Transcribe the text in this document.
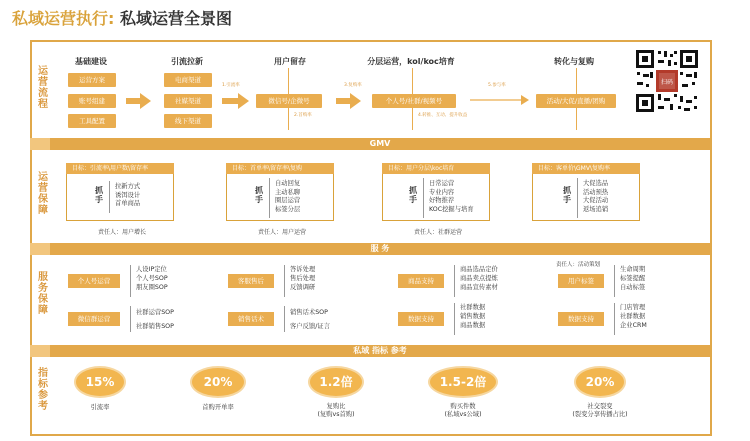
私域运营执行: 私域运营全景图
运
营
流
程
运
营
保
障
服
务
保
障
指
标
参
考
基础建设	引流拉新	用户留存	分层运营，kol/koc培育	转化与复购
运营方案
账号组建
工具配置
电商渠道
社媒渠道
线下渠道
1.引流率
微信号/企微号
2.首购率
3.复购率
个人号/社群/视频号
4.转推、互动、提升收益
5.参与率
活动/大促/直播/团购
扫码
GMV
目标：引流率\用户数\留存率
抓
手
拉新方式
诱饵设计
首单商品
责任人：用户增长
目标：首单率\留存率\复购
抓
手
自动回复
主动私聊
圈层运营
标签分层
责任人：用户运营
目标：用户分层\koc培育
抓
手
日常运营
专业内容
好物推荐
KOC挖掘与培育
责任人：社群运营
目标：客单价\GMV\复购率
抓
手
大促选品
活动预热
大促活动
返场追销
服 务
个人号运营
人设IP定位
个人号SOP
朋友圈SOP
客服售后
答诉处理
售后处理
反馈调研
商品支持
商品选品定价
商品卖点提炼
商品宣传素材
责任人：活动策划
用户标签
生命周期
标签提醒
自动标签
微信群运营
社群运营SOP
社群销售SOP
销售话术
销售话术SOP
客户反馈/证言
数据支持
社群数据
销售数据
商品数据
数据支持
门店管理
社群数据
企业CRM
私域 指标 参考
15%
引流率
20%
首购开单率
1.2倍
复购比
(复购vs首购)
1.5-2倍
购买件数
(私域vs公域)
20%
社交裂变
(裂变分享传播占比)
